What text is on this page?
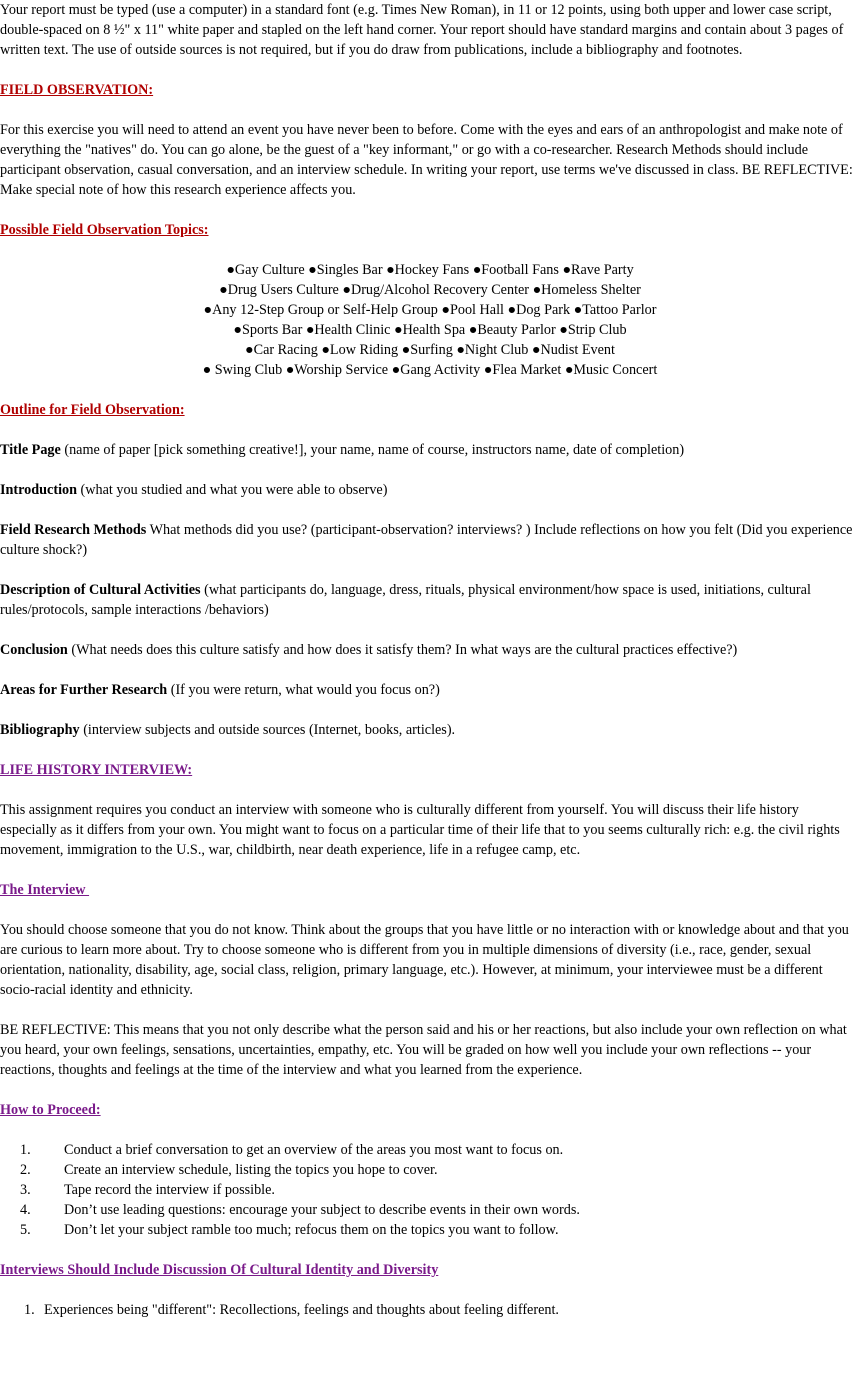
Your report must be typed (use a computer) in a standard font (e.g. Times New Roman), in 11 or 12 points, using both upper and lower case script, double-spaced on 8 ½" x 11" white paper and stapled on the left hand corner. Your report should have standard margins and contain about 3 pages of written text. The use of outside sources is not required, but if you do draw from publications, include a bibliography and footnotes.

FIELD OBSERVATION:

For this exercise you will need to attend an event you have never been to before. Come with the eyes and ears of an anthropologist and make note of everything the "natives" do. You can go alone, be the guest of a "key informant," or go with a co-researcher. Research Methods should include participant observation, casual conversation, and an interview schedule. In writing your report, use terms we've discussed in class. BE REFLECTIVE: Make special note of how this research experience affects you.

Possible Field Observation Topics:

●Gay Culture ●Singles Bar ●Hockey Fans ●Football Fans ●Rave Party
●Drug Users Culture ●Drug/Alcohol Recovery Center ●Homeless Shelter
●Any 12-Step Group or Self-Help Group ●Pool Hall ●Dog Park ●Tattoo Parlor
●Sports Bar ●Health Clinic ●Health Spa ●Beauty Parlor ●Strip Club
●Car Racing ●Low Riding ●Surfing ●Night Club ●Nudist Event
● Swing Club ●Worship Service ●Gang Activity ●Flea Market ●Music Concert

Outline for Field Observation:

Title Page (name of paper [pick something creative!], your name, name of course, instructors name, date of completion)

Introduction (what you studied and what you were able to observe)

Field Research Methods What methods did you use? (participant-observation? interviews? ) Include reflections on how you felt (Did you experience culture shock?)

Description of Cultural Activities (what participants do, language, dress, rituals, physical environment/how space is used, initiations, cultural rules/protocols, sample interactions /behaviors)

Conclusion (What needs does this culture satisfy and how does it satisfy them? In what ways are the cultural practices effective?)

Areas for Further Research (If you were return, what would you focus on?)

Bibliography (interview subjects and outside sources (Internet, books, articles).

LIFE HISTORY INTERVIEW:

This assignment requires you conduct an interview with someone who is culturally different from yourself. You will discuss their life history especially as it differs from your own. You might want to focus on a particular time of their life that to you seems culturally rich: e.g. the civil rights movement, immigration to the U.S., war, childbirth, near death experience, life in a refugee camp, etc.

The Interview

You should choose someone that you do not know. Think about the groups that you have little or no interaction with or knowledge about and that you are curious to learn more about. Try to choose someone who is different from you in multiple dimensions of diversity (i.e., race, gender, sexual orientation, nationality, disability, age, social class, religion, primary language, etc.). However, at minimum, your interviewee must be a different socio-racial identity and ethnicity.

BE REFLECTIVE: This means that you not only describe what the person said and his or her reactions, but also include your own reflection on what you heard, your own feelings, sensations, uncertainties, empathy, etc. You will be graded on how well you include your own reflections -- your reactions, thoughts and feelings at the time of the interview and what you learned from the experience.

How to Proceed:

1. Conduct a brief conversation to get an overview of the areas you most want to focus on.
2. Create an interview schedule, listing the topics you hope to cover.
3. Tape record the interview if possible.
4. Don’t use leading questions: encourage your subject to describe events in their own words.
5. Don’t let your subject ramble too much; refocus them on the topics you want to follow.

Interviews Should Include Discussion Of Cultural Identity and Diversity

1. Experiences being "different": Recollections, feelings and thoughts about feeling different.
